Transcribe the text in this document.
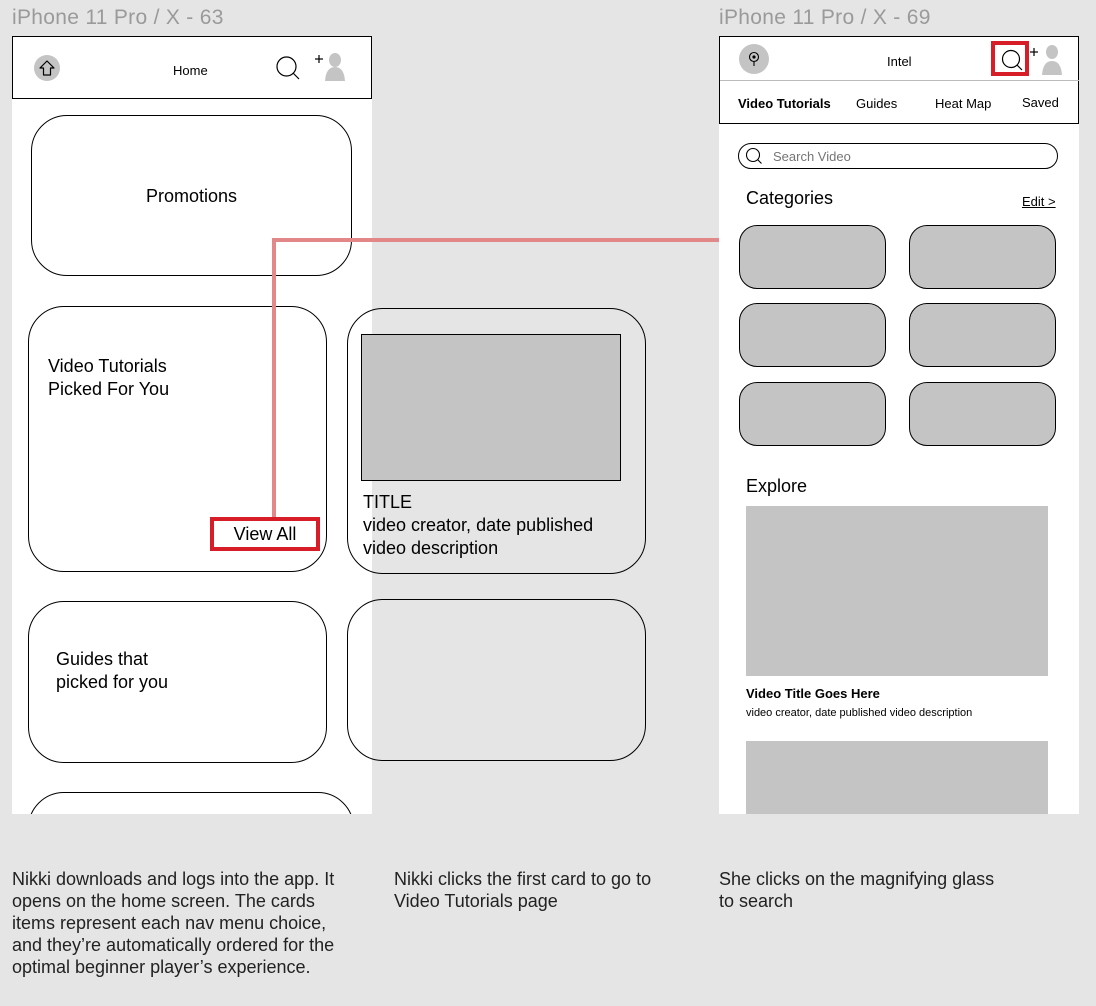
iPhone 11 Pro / X - 63
Home
Promotions
Video Tutorials
Picked For You
Guides that
picked for you
TITLE
video creator, date published
video description
View All
iPhone 11 Pro / X - 69
Intel
Video Tutorials Guides	Heat Map Saved
Search Video
Categories	Edit >
Explore
Video Title Goes Here
video creator, date published video description
Nikki downloads and logs into the app. It
opens on the home screen. The cards
items represent each nav menu choice,
and they’re automatically ordered for the
optimal beginner player’s experience.
Nikki clicks the first card to go to
Video Tutorials page
She clicks on the magnifying glass
to search
